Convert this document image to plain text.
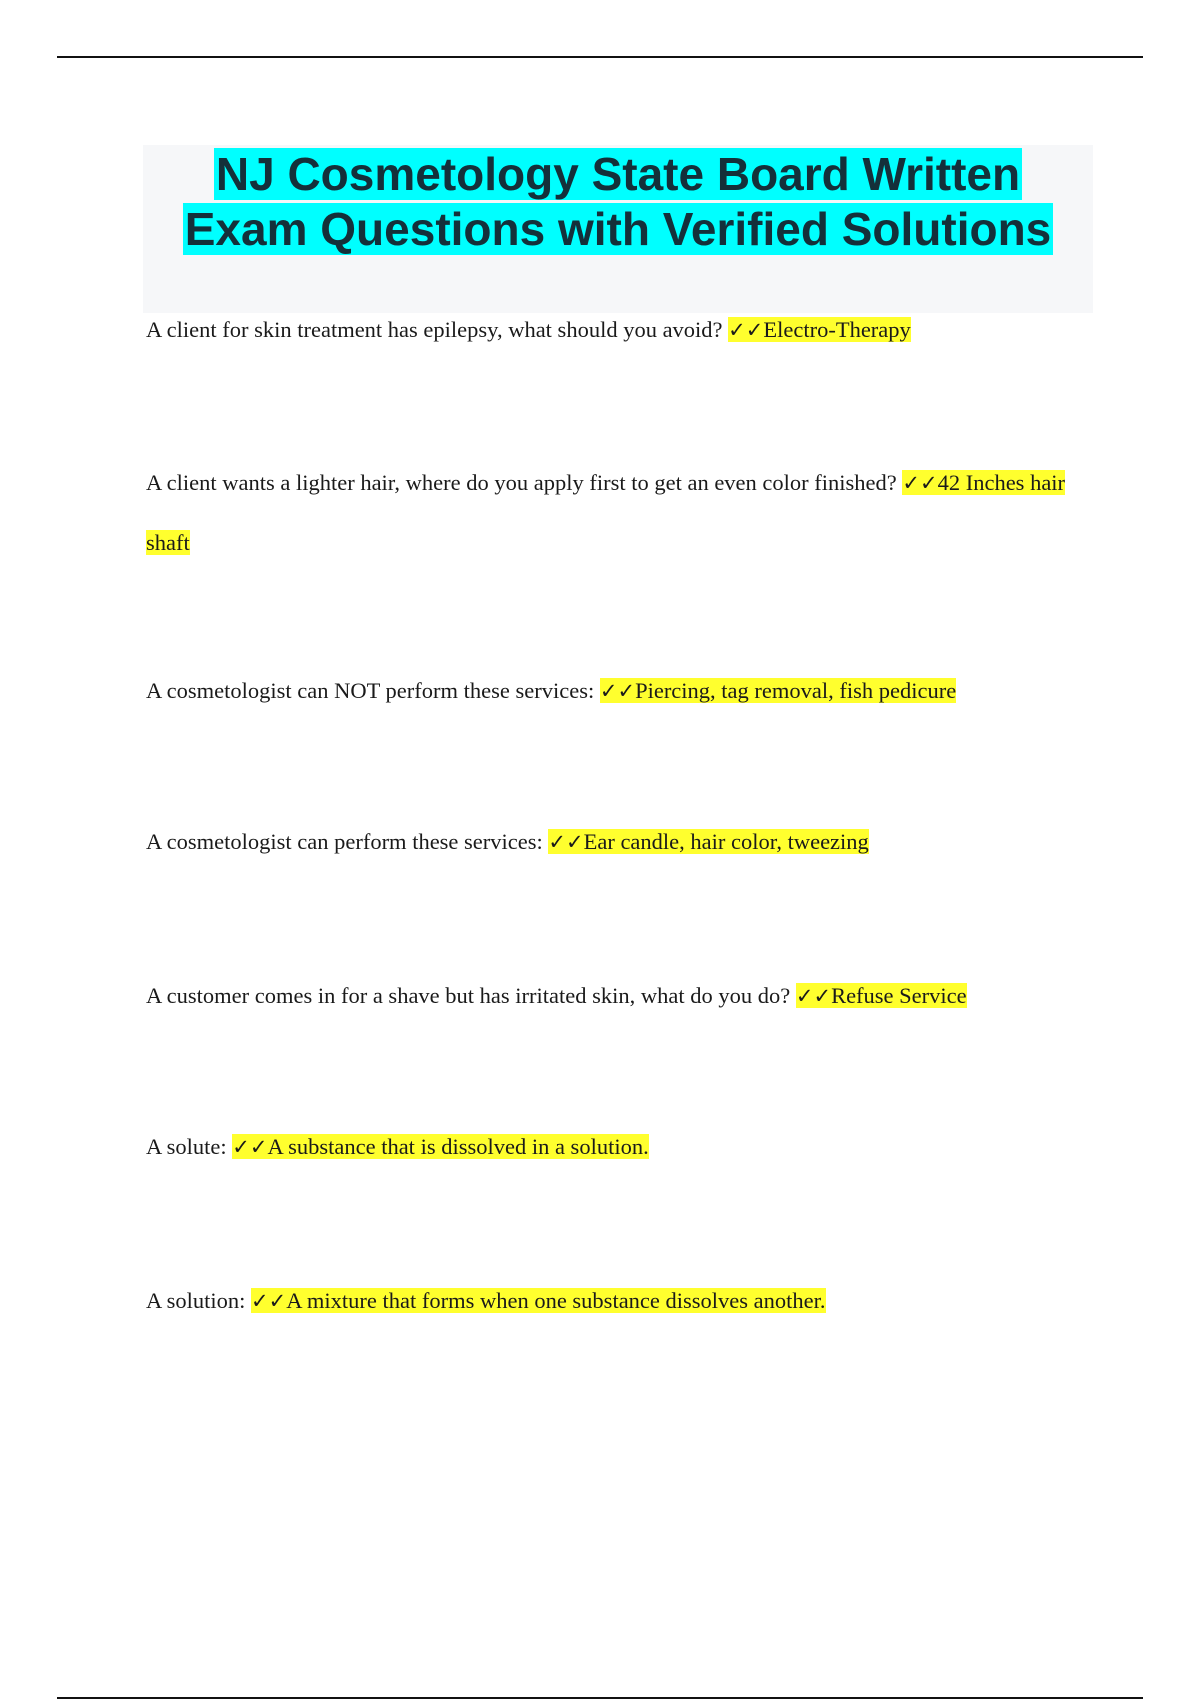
NJ Cosmetology State Board Written
Exam Questions with Verified Solutions

A client for skin treatment has epilepsy, what should you avoid? ✓✓Electro-Therapy

A client wants a lighter hair, where do you apply first to get an even color finished? ✓✓42 Inches hair shaft

A cosmetologist can NOT perform these services: ✓✓Piercing, tag removal, fish pedicure

A cosmetologist can perform these services: ✓✓Ear candle, hair color, tweezing

A customer comes in for a shave but has irritated skin, what do you do? ✓✓Refuse Service

A solute: ✓✓A substance that is dissolved in a solution.

A solution: ✓✓A mixture that forms when one substance dissolves another.
